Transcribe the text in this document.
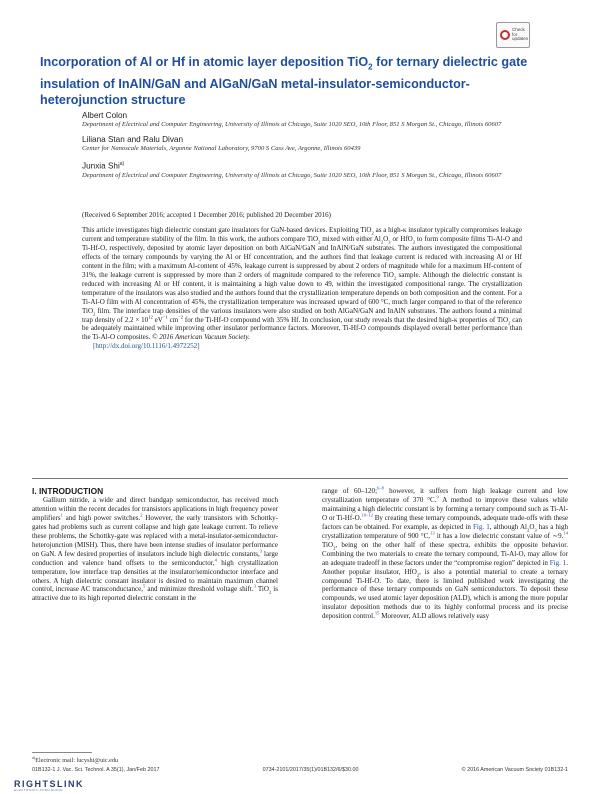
Check for updates
Incorporation of Al or Hf in atomic layer deposition TiO$_2$ for ternary dielectric gate insulation of InAlN/GaN and AlGaN/GaN metal-insulator-semiconductor-heterojunction structure
Albert Colon
Department of Electrical and Computer Engineering, University of Illinois at Chicago, Suite 1020 SEO, 10th Floor, 851 S Morgan St., Chicago, Illinois 60607
Liliana Stan and Ralu Divan
Center for Nanoscale Materials, Argonne National Laboratory, 9700 S Cass Ave, Argonne, Illinois 60439
Junxia Shi$^{a)}$
Department of Electrical and Computer Engineering, University of Illinois at Chicago, Suite 1020 SEO, 10th Floor, 851 S Morgan St., Chicago, Illinois 60607
(Received 6 September 2016; accepted 1 December 2016; published 20 December 2016)
This article investigates high dielectric constant gate insulators for GaN-based devices. Exploiting TiO$_2$ as a high-κ insulator typically compromises leakage current and temperature stability of the film. In this work, the authors compare TiO$_2$ mixed with either $Al_2O_3$ or HfO$_2$ to form composite films Ti-Al-O and Ti-Hf-O, respectively, deposited by atomic layer deposition on both AlGaN/GaN and InAlN/GaN substrates. The authors investigated the compositional effects of the ternary compounds by varying the Al or Hf concentration, and the authors find that leakage current is reduced with increasing Al or Hf content in the film; with a maximum Al-content of 45%, leakage current is suppressed by about 2 orders of magnitude while for a maximum Hf-content of 31%, the leakage current is suppressed by more than 2 orders of magnitude compared to the reference TiO$_2$ sample. Although the dielectric constant is reduced with increasing Al or Hf content, it is maintaining a high value down to 49, within the investigated compositional range. The crystallization temperature of the insulators was also studied and the authors found that the crystallization temperature depends on both composition and the content. For a Ti-Al-O film with Al concentration of 45%, the crystallization temperature was increased upward of 600 °C, much larger compared to that of the reference TiO$_2$ film. The interface trap densities of the various insulators were also studied on both AlGaN/GaN and InAlN substrates. The authors found a minimal trap density of $2.2 \times 10^{12}$ $eV^{-1}$ $cm^{-2}$ for the Ti-Hf-O compound with 35% Hf. In conclusion, our study reveals that the desired high-κ properties of TiO$_2$ can be adequately maintained while improving other insulator performance factors. Moreover, Ti-Hf-O compounds displayed overall better performance than the Ti-Al-O composites. © 2016 American Vacuum Society.
[http://dx.doi.org/10.1116/1.4972252]

I. INTRODUCTION

Gallium nitride, a wide and direct bandgap semiconductor, has received much attention within the recent decades for transistors applications in high frequency power amplifiers$^1$ and high power switches.$^2$ However, the early transistors with Schottky-gates had problems such as current collapse and high gate leakage current. To relieve these problems, the Schottky-gate was replaced with a metal-insulator-semiconductor-heterojunction (MISH). Thus, there have been intense studies of insulator performance on GaN. A few desired properties of insulators include high dielectric constants,$^3$ large conduction and valence band offsets to the semiconductor,$^4$ high crystallization temperature, low interface trap densities at the insulator/semiconductor interface and others. A high dielectric constant insulator is desired to maintain maximum channel control, increase AC transconductance,$^5$ and minimize threshold voltage shift.$^3$ TiO$_2$ is attractive due to its high reported dielectric constant in the

range of 60–120;$^{6-8}$ however, it suffers from high leakage current and low crystallization temperature of 370 °C.$^9$ A method to improve these values while maintaining a high dielectric constant is by forming a ternary compound such as Ti-Al-O or Ti-Hf-O.$^{10-12}$ By creating these ternary compounds, adequate trade-offs with these factors can be obtained. For example, as depicted in Fig. 1, although $Al_2O_3$ has a high crystallization temperature of 900 °C,$^{13}$ it has a low dielectric constant value of ∼9.14 TiO$_2$, being on the other half of these spectra, exhibits the opposite behavior. Combining the two materials to create the ternary compound, Ti-Al-O, may allow for an adequate tradeoff in these factors under the “compromise region” depicted in Fig. 1. Another popular insulator, HfO$_2$, is also a potential material to create a ternary compound Ti-Hf-O. To date, there is limited published work investigating the performance of these ternary compounds on GaN semiconductors. To deposit these compounds, we used atomic layer deposition (ALD), which is among the more popular insulator deposition methods due to its highly conformal process and its precise deposition control.$^{15}$ Moreover, ALD allows relatively easy

$^{a)}$Electronic mail: lucyshi@uic.edu
01B132-1 J. Vac. Sci. Technol. A 35(1), Jan/Feb 2017	0734-2101/2017/35(1)/01B132/6/$30.00	© 2016 American Vacuum Society 01B132-1
RIGHTSLINK
ELECTRONIC PUBLISHING
